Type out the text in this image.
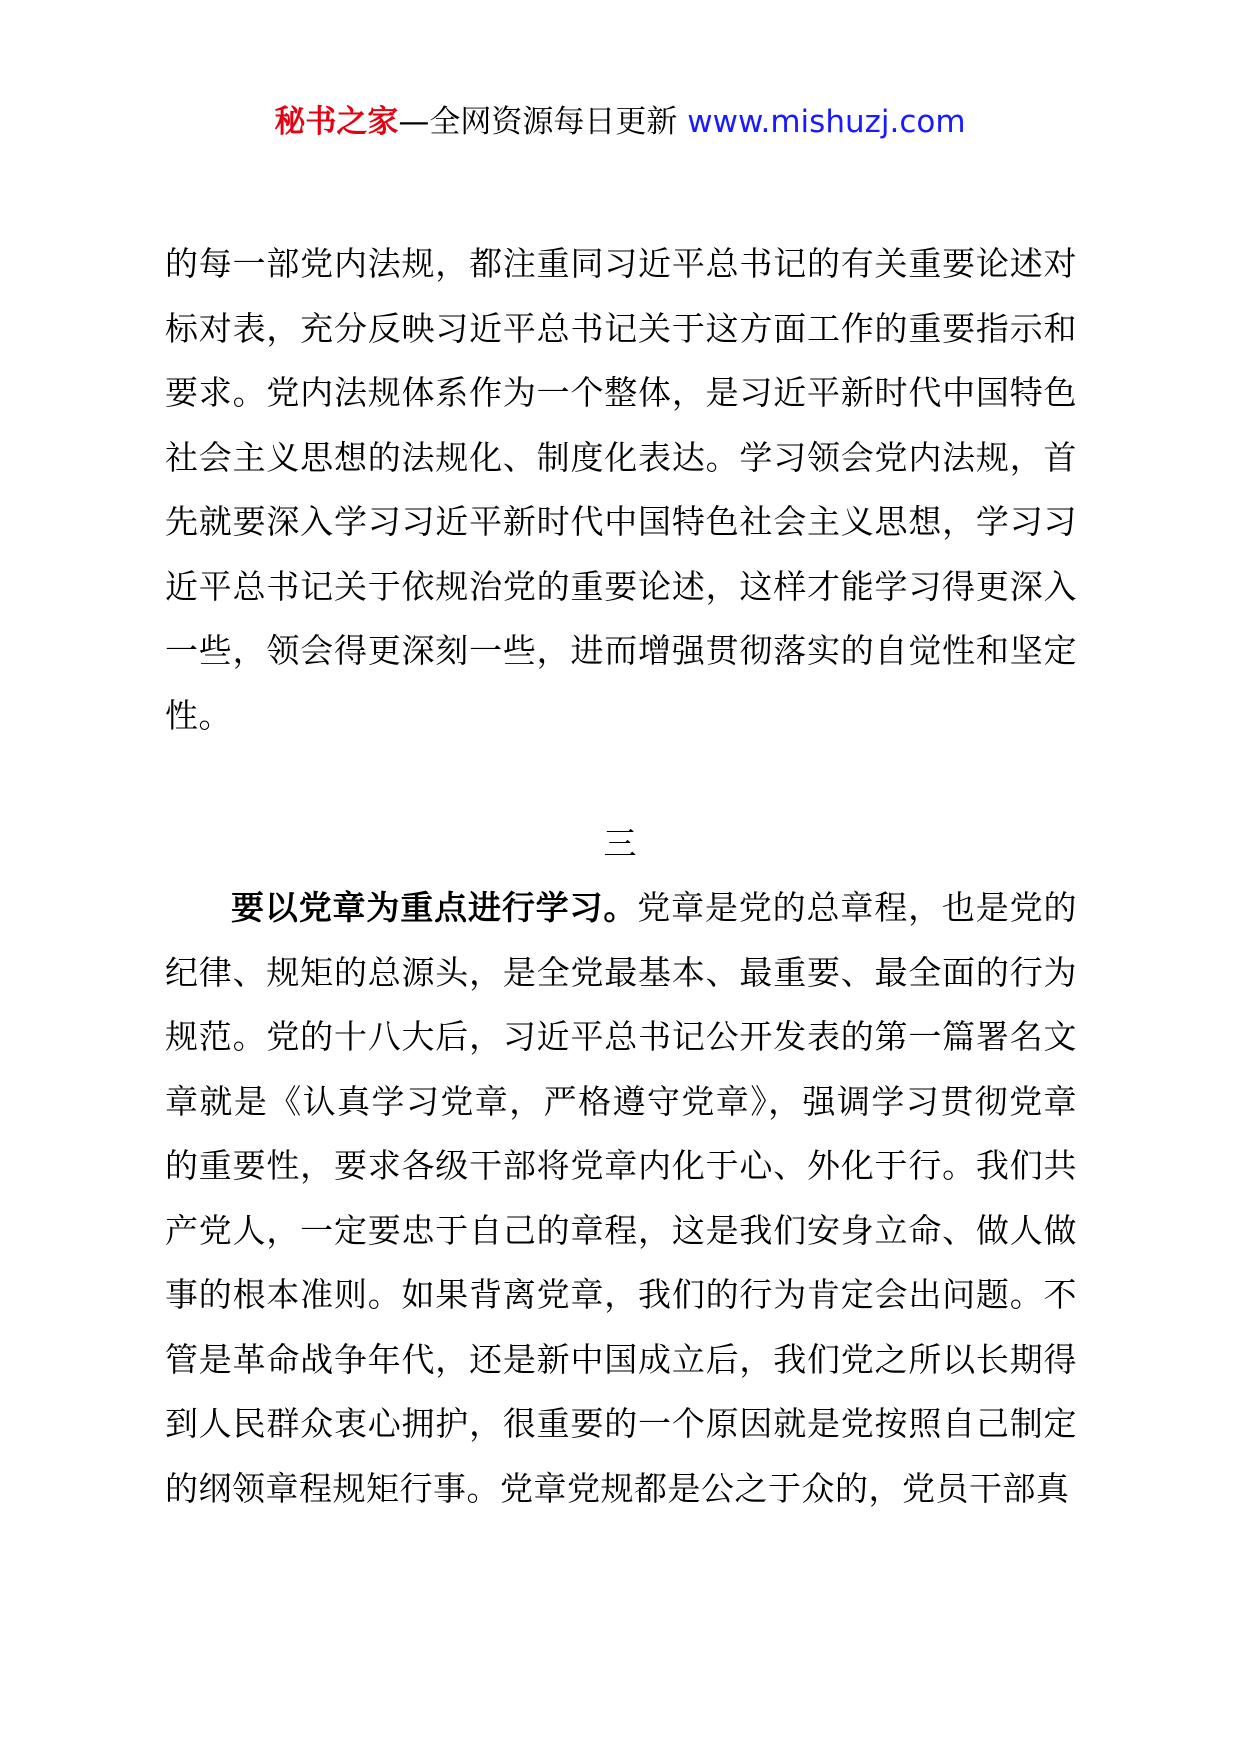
秘书之家—全网资源每日更新 www.mishuzj.com

的每一部党内法规，都注重同习近平总书记的有关重要论述对标对表，充分反映习近平总书记关于这方面工作的重要指示和要求。党内法规体系作为一个整体，是习近平新时代中国特色社会主义思想的法规化、制度化表达。学习领会党内法规，首先就要深入学习习近平新时代中国特色社会主义思想，学习习近平总书记关于依规治党的重要论述，这样才能学习得更深入一些，领会得更深刻一些，进而增强贯彻落实的自觉性和坚定性。

三

要以党章为重点进行学习。党章是党的总章程，也是党的纪律、规矩的总源头，是全党最基本、最重要、最全面的行为规范。党的十八大后，习近平总书记公开发表的第一篇署名文章就是《认真学习党章，严格遵守党章》，强调学习贯彻党章的重要性，要求各级干部将党章内化于心、外化于行。我们共产党人，一定要忠于自己的章程，这是我们安身立命、做人做事的根本准则。如果背离党章，我们的行为肯定会出问题。不管是革命战争年代，还是新中国成立后，我们党之所以长期得到人民群众衷心拥护，很重要的一个原因就是党按照自己制定的纲领章程规矩行事。党章党规都是公之于众的，党员干部真
